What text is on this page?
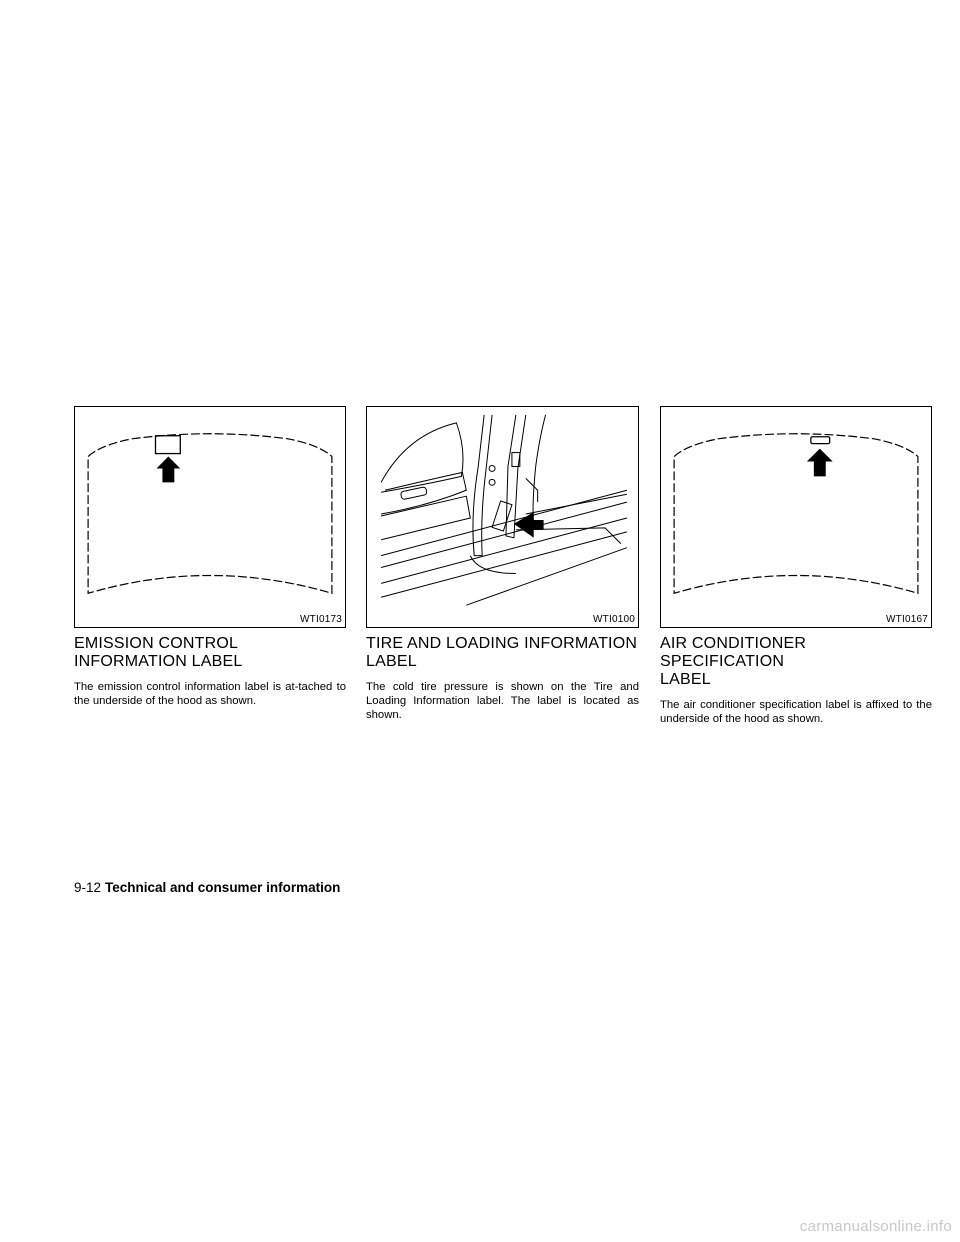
WTI0173
EMISSION CONTROL
INFORMATION LABEL

The emission control information label is at-tached to the underside of the hood as shown.

WTI0100
TIRE AND LOADING INFORMATION
LABEL

The cold tire pressure is shown on the Tire and Loading Information label. The label is located as shown.

WTI0167
AIR CONDITIONER SPECIFICATION
LABEL

The air conditioner specification label is affixed to the underside of the hood as shown.

9-12 Technical and consumer information
carmanualsonline.info
